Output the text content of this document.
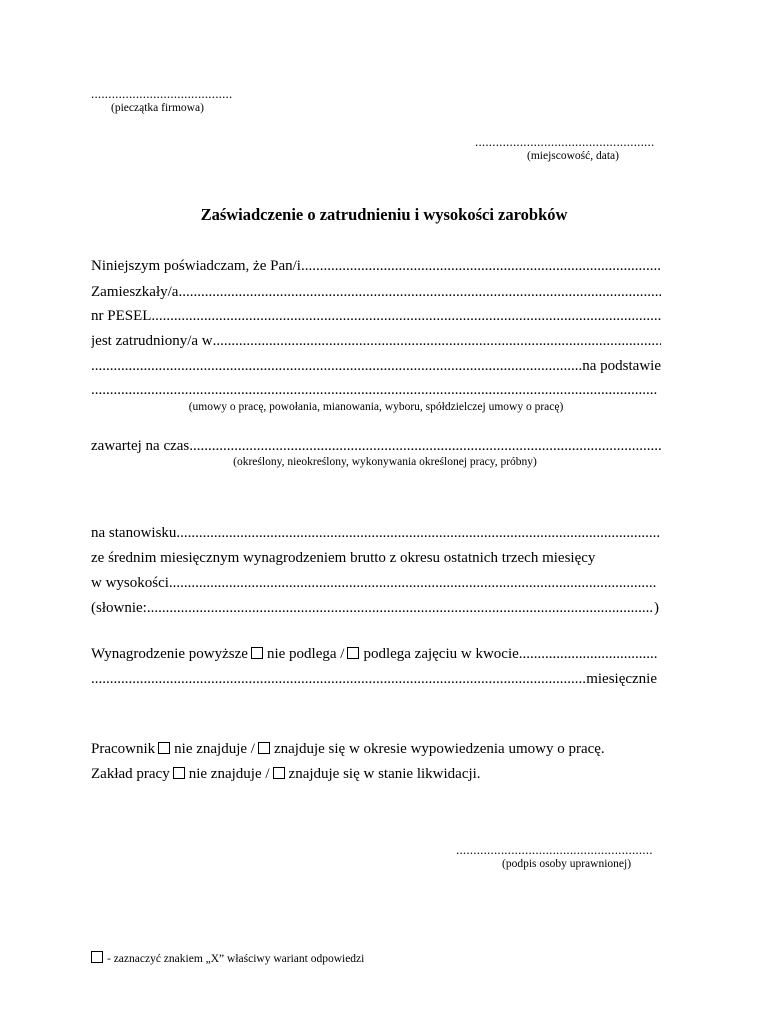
.........................................
(pieczątka firmowa)
....................................................
(miejscowość, data)
Zaświadczenie o zatrudnieniu i wysokości zarobków
Niniejszym poświadczam, że Pan/i
.....
Zamieszkały/a
.....
nr PESEL
.....
jest zatrudniony/a w
.....
.....
na podstawie
.....
(umowy o pracę, powołania, mianowania, wyboru, spółdzielczej umowy o pracę)
zawartej na czas
.....
(określony, nieokreślony, wykonywania określonej pracy, próbny)
na stanowisku
.....
ze średnim miesięcznym wynagrodzeniem brutto z okresu ostatnich trzech miesięcy
w wysokości
.....
(słownie:
.....	)
Wynagrodzenie powyższe nie podlega / podlega zajęciu w kwocie
.....
.....
miesięcznie
Pracownik nie znajduje / znajduje się w okresie wypowiedzenia umowy o pracę.
Zakład pracy nie znajduje / znajduje się w stanie likwidacji.
.........................................................
(podpis osoby uprawnionej)
- zaznaczyć znakiem „X” właściwy wariant odpowiedzi
